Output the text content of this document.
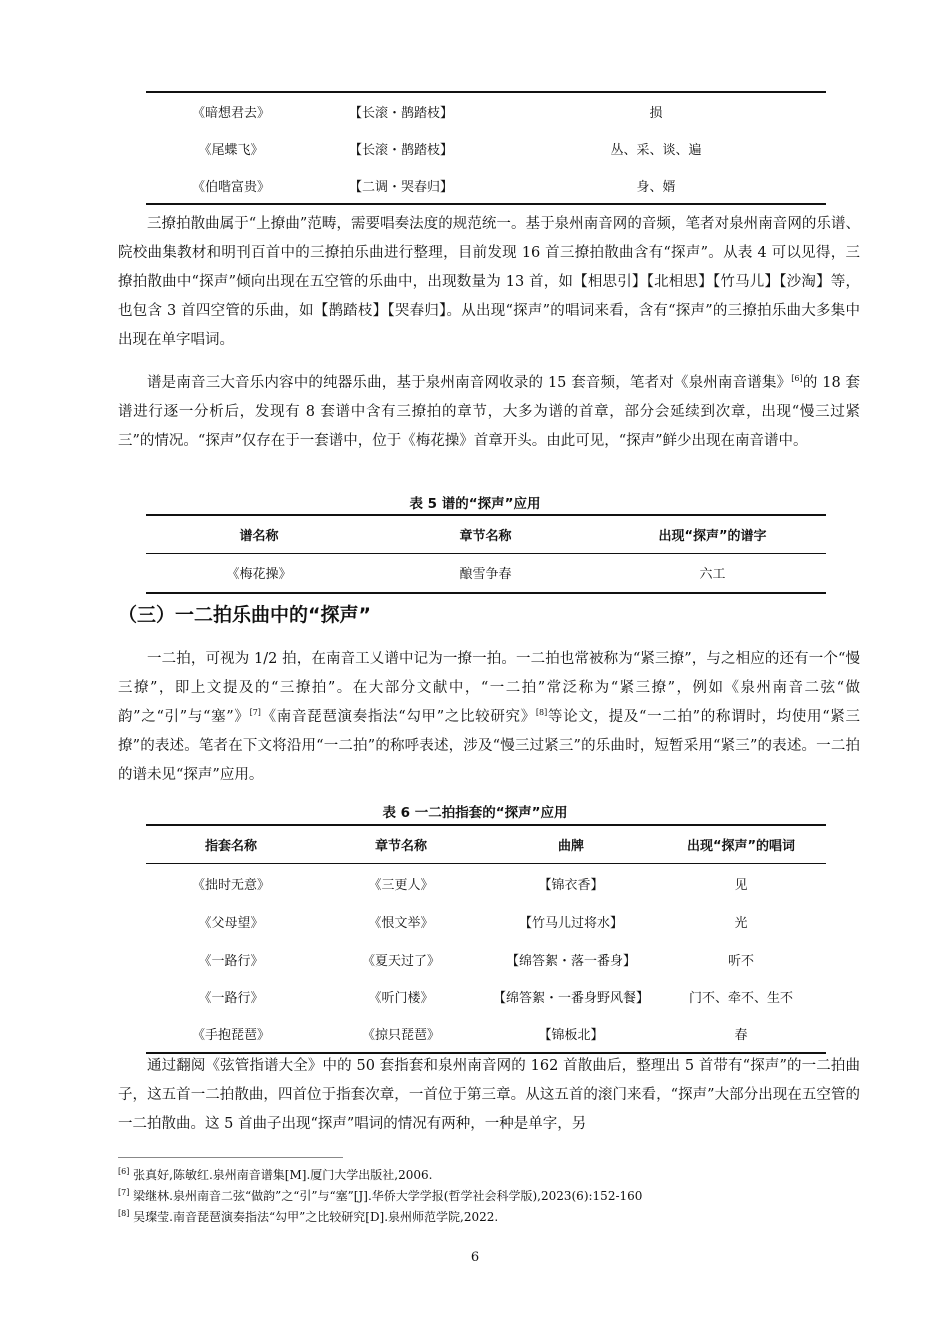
《暗想君去》	【长滚・鹊踏枝】	损
《尾蝶飞》	【长滚・鹊踏枝】	丛、采、谈、遍
《伯喈富贵》	【二调・哭春归】	身、婿

三撩拍散曲属于“上撩曲”范畴，需要唱奏法度的规范统一。基于泉州南音网的音频，笔者对泉州南音网的乐谱、院校曲集教材和明刊百首中的三撩拍乐曲进行整理，目前发现 16 首三撩拍散曲含有“探声”。从表 4 可以见得，三撩拍散曲中“探声”倾向出现在五空管的乐曲中，出现数量为 13 首，如【相思引】【北相思】【竹马儿】【沙淘】等，也包含 3 首四空管的乐曲，如【鹊踏枝】【哭春归】。从出现“探声”的唱词来看，含有“探声”的三撩拍乐曲大多集中出现在单字唱词。

谱是南音三大音乐内容中的纯器乐曲，基于泉州南音网收录的 15 套音频，笔者对《泉州南音谱集》[6]的 18 套谱进行逐一分析后，发现有 8 套谱中含有三撩拍的章节，大多为谱的首章，部分会延续到次章，出现“慢三过紧三”的情况。“探声”仅存在于一套谱中，位于《梅花操》首章开头。由此可见，“探声”鲜少出现在南音谱中。

表 5 谱的“探声”应用

谱名称	章节名称	出现“探声”的谱字
《梅花操》	酿雪争春	六工
（三）一二拍乐曲中的“探声”

一二拍，可视为 1/2 拍，在南音工乂谱中记为一撩一拍。一二拍也常被称为“紧三撩”，与之相应的还有一个“慢三撩”，即上文提及的“三撩拍”。在大部分文献中，“一二拍”常泛称为“紧三撩”，例如《泉州南音二弦“做韵”之“引”与“塞”》[7]《南音琵琶演奏指法“勾甲”之比较研究》[8]等论文，提及“一二拍”的称谓时，均使用“紧三撩”的表述。笔者在下文将沿用“一二拍”的称呼表述，涉及“慢三过紧三”的乐曲时，短暂采用“紧三”的表述。一二拍的谱未见“探声”应用。

表 6 一二拍指套的“探声”应用

指套名称	章节名称	曲牌	出现“探声”的唱词
《拙时无意》	《三更人》	【锦衣香】	见
《父母望》	《恨文举》	【竹马儿过将水】	光
《一路行》	《夏天过了》	【绵答絮・落一番身】	听不
《一路行》	《听门楼》	【绵答絮・一番身野风餐】	门不、牵不、生不
《手抱琵琶》	《掠只琵琶》	【锦板北】	春

通过翻阅《弦管指谱大全》中的 50 套指套和泉州南音网的 162 首散曲后，整理出 5 首带有“探声”的一二拍曲子，这五首一二拍散曲，四首位于指套次章，一首位于第三章。从这五首的滚门来看，“探声”大部分出现在五空管的一二拍散曲。这 5 首曲子出现“探声”唱词的情况有两种，一种是单字，另

[6] 张真好,陈敏红.泉州南音谱集[M].厦门大学出版社,2006.

[7] 梁继林.泉州南音二弦“做韵”之“引”与“塞”[J].华侨大学学报(哲学社会科学版),2023(6):152-160

[8] 吴璨莹.南音琵琶演奏指法“勾甲”之比较研究[D].泉州师范学院,2022.

6
